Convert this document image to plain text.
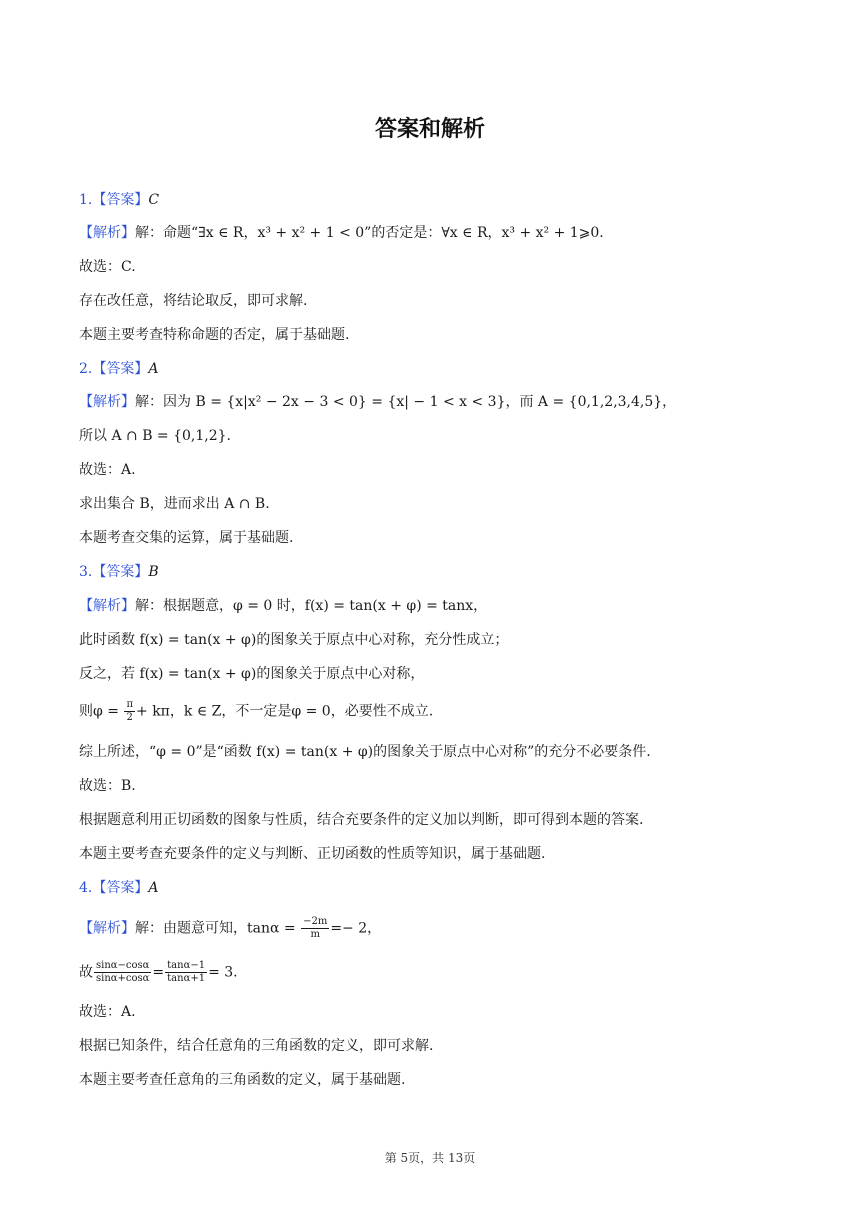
答案和解析
1.【答案】C
【解析】解：命题“∃x ∈ R，x³ + x² + 1 < 0”的否定是：∀x ∈ R，x³ + x² + 1⩾0.
故选：C.
存在改任意，将结论取反，即可求解.
本题主要考查特称命题的否定，属于基础题.
2.【答案】A
【解析】解：因为 B = {x|x² − 2x − 3 < 0} = {x| − 1 < x < 3}，而 A = {0,1,2,3,4,5}，
所以 A ∩ B = {0,1,2}.
故选：A.
求出集合 B，进而求出 A ∩ B.
本题考查交集的运算，属于基础题.
3.【答案】B
【解析】解：根据题意，φ = 0 时，f(x) = tan(x + φ) = tanx，
此时函数 f(x) = tan(x + φ)的图象关于原点中心对称，充分性成立；
反之，若 f(x) = tan(x + φ)的图象关于原点中心对称，
则$\varphi = \frac{\pi}{2} + k\pi$，k ∈ Z，不一定是φ = 0，必要性不成立.
综上所述，“φ = 0”是“函数 f(x) = tan(x + φ)的图象关于原点中心对称”的充分不必要条件.
故选：B.
根据题意利用正切函数的图象与性质，结合充要条件的定义加以判断，即可得到本题的答案.
本题主要考查充要条件的定义与判断、正切函数的性质等知识，属于基础题.
4.【答案】A
【解析】解：由题意可知，$\tan\alpha = \frac{-2m}{m} =- 2$，
故 $\frac{\sin\alpha-\cos\alpha}{\sin\alpha+\cos\alpha} = \frac{\tan\alpha-1}{\tan\alpha+1} = 3$.
故选：A.
根据已知条件，结合任意角的三角函数的定义，即可求解.
本题主要考查任意角的三角函数的定义，属于基础题.
第 5页，共 13页
